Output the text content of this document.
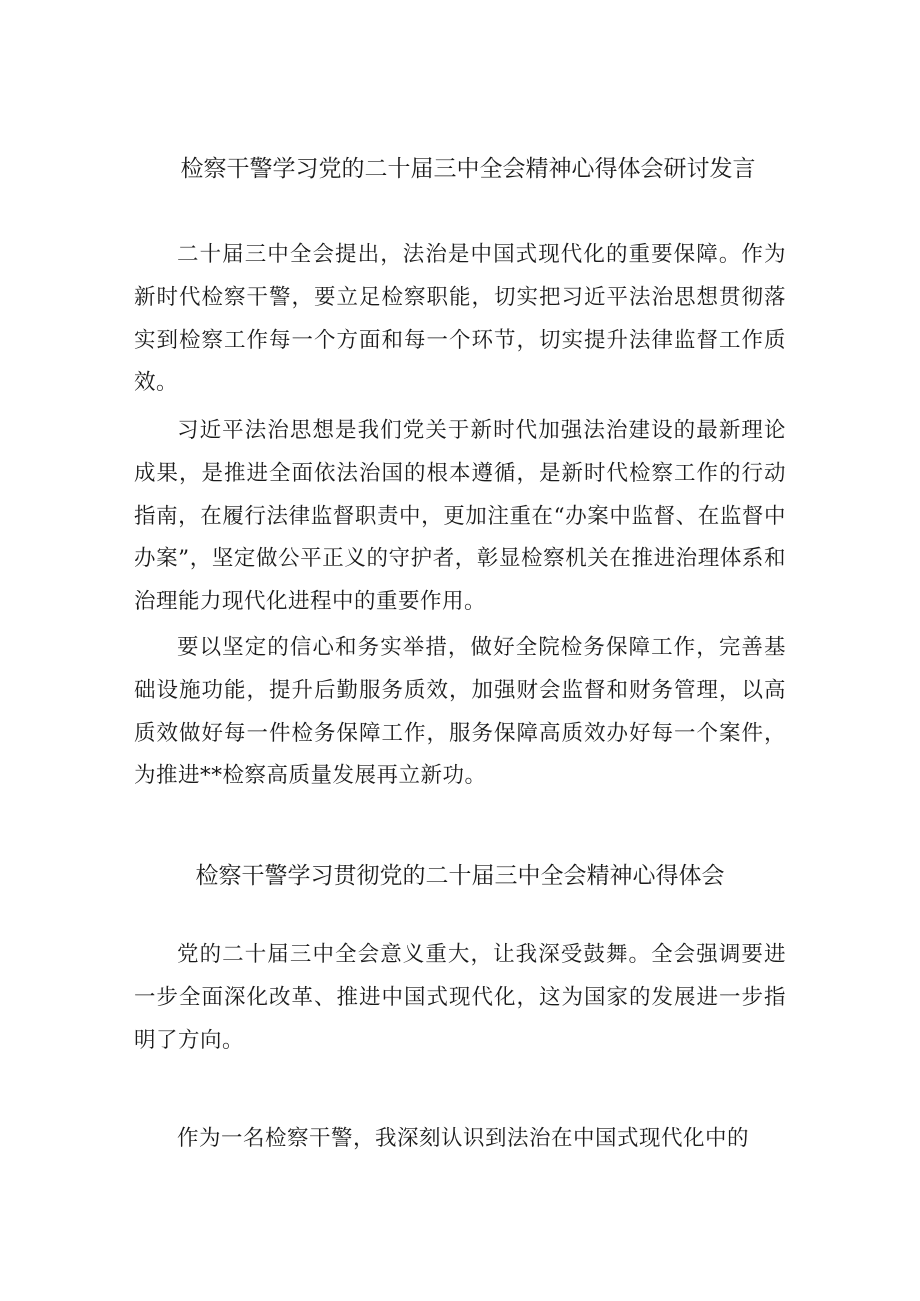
检察干警学习党的二十届三中全会精神心得体会研讨发言

二十届三中全会提出，法治是中国式现代化的重要保障。作为新时代检察干警，要立足检察职能，切实把习近平法治思想贯彻落实到检察工作每一个方面和每一个环节，切实提升法律监督工作质效。

习近平法治思想是我们党关于新时代加强法治建设的最新理论成果，是推进全面依法治国的根本遵循，是新时代检察工作的行动指南，在履行法律监督职责中，更加注重在“办案中监督、在监督中办案”，坚定做公平正义的守护者，彰显检察机关在推进治理体系和治理能力现代化进程中的重要作用。

要以坚定的信心和务实举措，做好全院检务保障工作，完善基础设施功能，提升后勤服务质效，加强财会监督和财务管理，以高质效做好每一件检务保障工作，服务保障高质效办好每一个案件，为推进**检察高质量发展再立新功。

检察干警学习贯彻党的二十届三中全会精神心得体会

党的二十届三中全会意义重大，让我深受鼓舞。全会强调要进一步全面深化改革、推进中国式现代化，这为国家的发展进一步指明了方向。

作为一名检察干警，我深刻认识到法治在中国式现代化中的
